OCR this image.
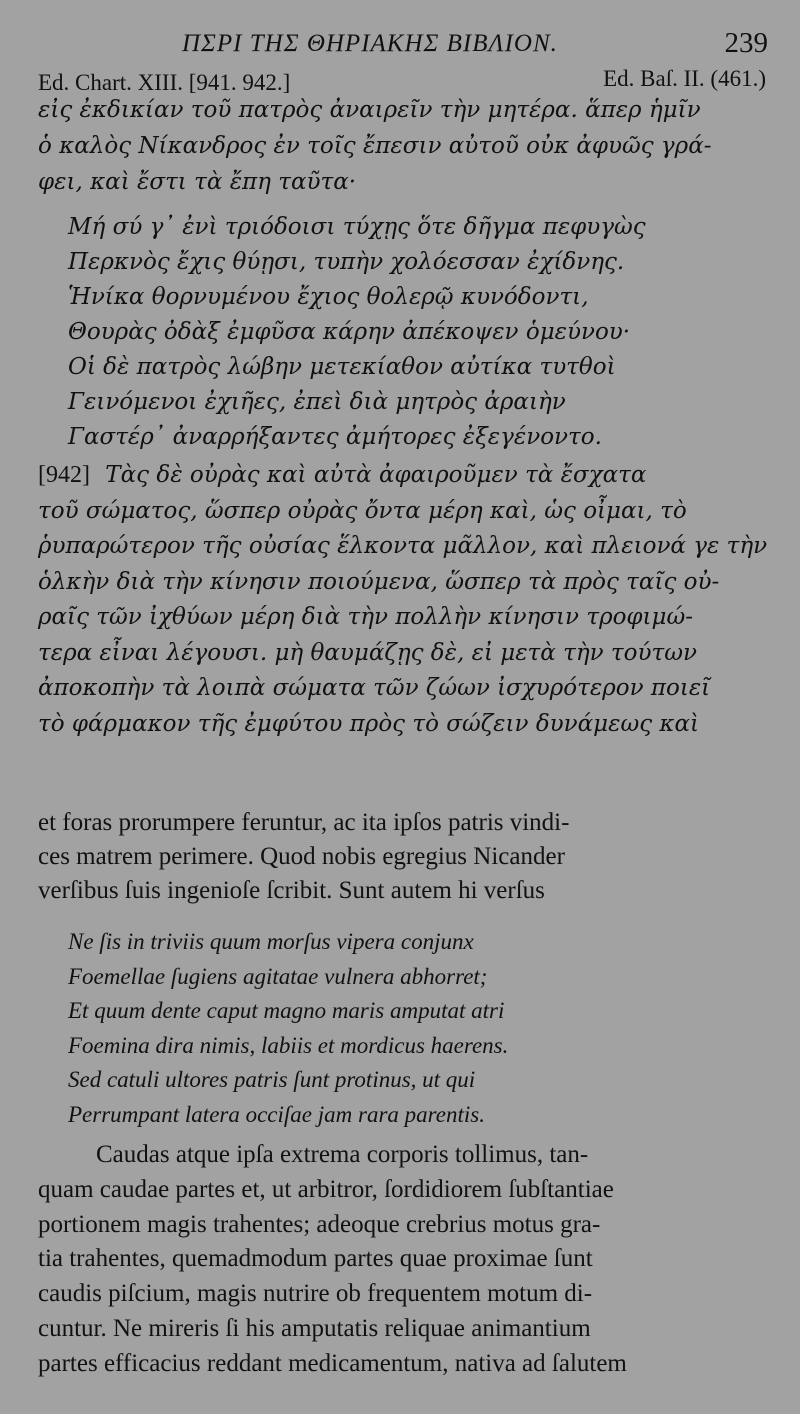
ΠΣΡΙ ΤΗΣ ΘΗΡΙΑΚΗΣ ΒΙΒΛΙΟΝ.	239
Ed. Chart. XIII. [941. 942.]	Ed. Baſ. II. (461.)

εἰς ἐκδικίαν τοῦ πατρὸς ἀναιρεῖν τὴν μητέρα. ἅπερ ἡμῖν

ὁ καλὸς Νίκανδρος ἐν τοῖς ἔπεσιν αὐτοῦ οὐκ ἀφυῶς γρά-

φει, καὶ ἔστι τὰ ἔπη ταῦτα·

Μή σύ γ᾽ ἐνὶ τριόδοισι τύχῃς ὅτε δῆγμα πεφυγὼς

Περκνὸς ἔχις θύῃσι, τυπὴν χολόεσσαν ἐχίδνης.

Ἡνίκα θορνυμένου ἔχιος θολερῷ κυνόδοντι,

Θουρὰς ὀδὰξ ἐμφῦσα κάρην ἀπέκοψεν ὁμεύνου·

Οἱ δὲ πατρὸς λώβην μετεκίαθον αὐτίκα τυτθοὶ

Γεινόμενοι ἐχιῆες, ἐπεὶ διὰ μητρὸς ἀραιὴν

Γαστέρ᾽ ἀναρρήξαντες ἀμήτορες ἐξεγένοντο.

[942] Τὰς δὲ οὐρὰς καὶ αὐτὰ ἀφαιροῦμεν τὰ ἔσχατα

τοῦ σώματος, ὥσπερ οὐρὰς ὄντα μέρη καὶ, ὡς οἶμαι, τὸ

ῥυπαρώτερον τῆς οὐσίας ἕλκοντα μᾶλλον, καὶ πλειονά γε τὴν

ὁλκὴν διὰ τὴν κίνησιν ποιούμενα, ὥσπερ τὰ πρὸς ταῖς οὐ-

ραῖς τῶν ἰχθύων μέρη διὰ τὴν πολλὴν κίνησιν τροφιμώ-

τερα εἶναι λέγουσι. μὴ θαυμάζῃς δὲ, εἰ μετὰ τὴν τούτων

ἀποκοπὴν τὰ λοιπὰ σώματα τῶν ζώων ἰσχυρότερον ποιεῖ

τὸ φάρμακον τῆς ἐμφύτου πρὸς τὸ σώζειν δυνάμεως καὶ

et foras prorumpere feruntur, ac ita ipſos patris vindi-

ces matrem perimere. Quod nobis egregius Nicander

verſibus ſuis ingenioſe ſcribit. Sunt autem hi verſus

Ne ſis in triviis quum morſus vipera conjunx

Foemellae ſugiens agitatae vulnera abhorret;

Et quum dente caput magno maris amputat atri

Foemina dira nimis, labiis et mordicus haerens.

Sed catuli ultores patris ſunt protinus, ut qui

Perrumpant latera occiſae jam rara parentis.

Caudas atque ipſa extrema corporis tollimus, tan-

quam caudae partes et, ut arbitror, ſordidiorem ſubſtantiae

portionem magis trahentes; adeoque crebrius motus gra-

tia trahentes, quemadmodum partes quae proximae ſunt

caudis piſcium, magis nutrire ob frequentem motum di-

cuntur. Ne mireris ſi his amputatis reliquae animantium

partes efficacius reddant medicamentum, nativa ad ſalutem
